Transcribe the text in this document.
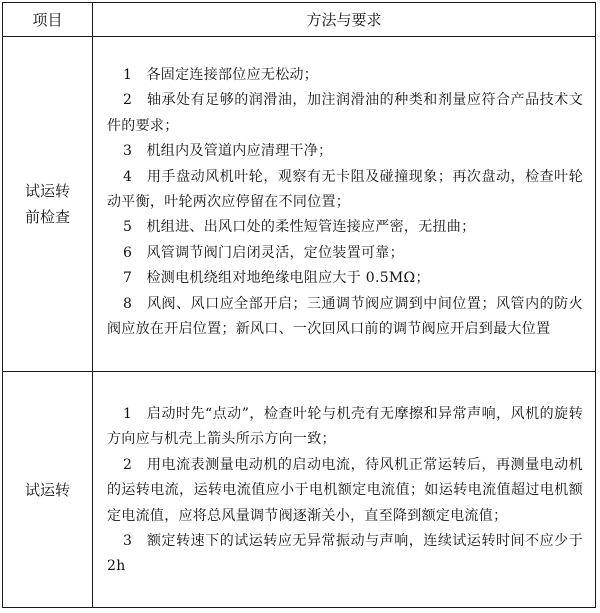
项目	方法与要求
试运转
前检查

1　各固定连接部位应无松动；

2　轴承处有足够的润滑油，加注润滑油的种类和剂量应符合产品技术文件的要求；

3　机组内及管道内应清理干净；

4　用手盘动风机叶轮，观察有无卡阻及碰撞现象；再次盘动，检查叶轮动平衡，叶轮两次应停留在不同位置；

5　机组进、出风口处的柔性短管连接应严密，无扭曲；

6　风管调节阀门启闭灵活，定位装置可靠；

7　检测电机绕组对地绝缘电阻应大于 0.5MΩ；

8　风阀、风口应全部开启；三通调节阀应调到中间位置；风管内的防火阀应放在开启位置；新风口、一次回风口前的调节阀应开启到最大位置

试运转

1　启动时先“点动”，检查叶轮与机壳有无摩擦和异常声响，风机的旋转方向应与机壳上箭头所示方向一致；

2　用电流表测量电动机的启动电流，待风机正常运转后，再测量电动机的运转电流，运转电流值应小于电机额定电流值；如运转电流值超过电机额定电流值，应将总风量调节阀逐渐关小，直至降到额定电流值；

3　额定转速下的试运转应无异常振动与声响，连续试运转时间不应少于 2h
